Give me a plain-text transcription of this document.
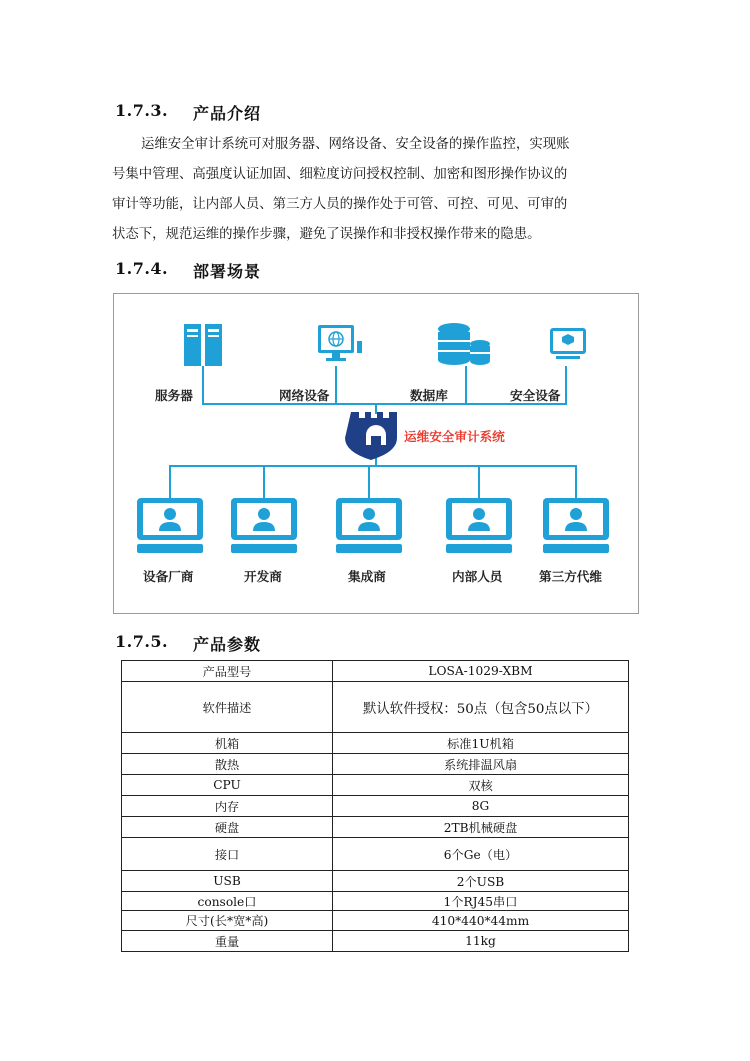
1.7.3.	产品介绍
运维安全审计系统可对服务器、网络设备、安全设备的操作监控，实现账
号集中管理、高强度认证加固、细粒度访问授权控制、加密和图形操作协议的
审计等功能，让内部人员、第三方人员的操作处于可管、可控、可见、可审的
状态下，规范运维的操作步骤，避免了误操作和非授权操作带来的隐患。
1.7.4.	部署场景
服务器	网络设备	数据库	安全设备
运维安全审计系统
设备厂商	开发商	集成商	内部人员	第三方代维
1.7.5.	产品参数
产品型号	LOSA-1029-XBM
软件描述	默认软件授权：50点（包含50点以下）
机箱	标准1U机箱
散热	系统排温风扇
CPU	双核
内存	8G
硬盘	2TB机械硬盘
接口	6个Ge（电）
USB	2个USB
console口	1个RJ45串口
尺寸(长*宽*高)	410*440*44mm
重量	11kg
